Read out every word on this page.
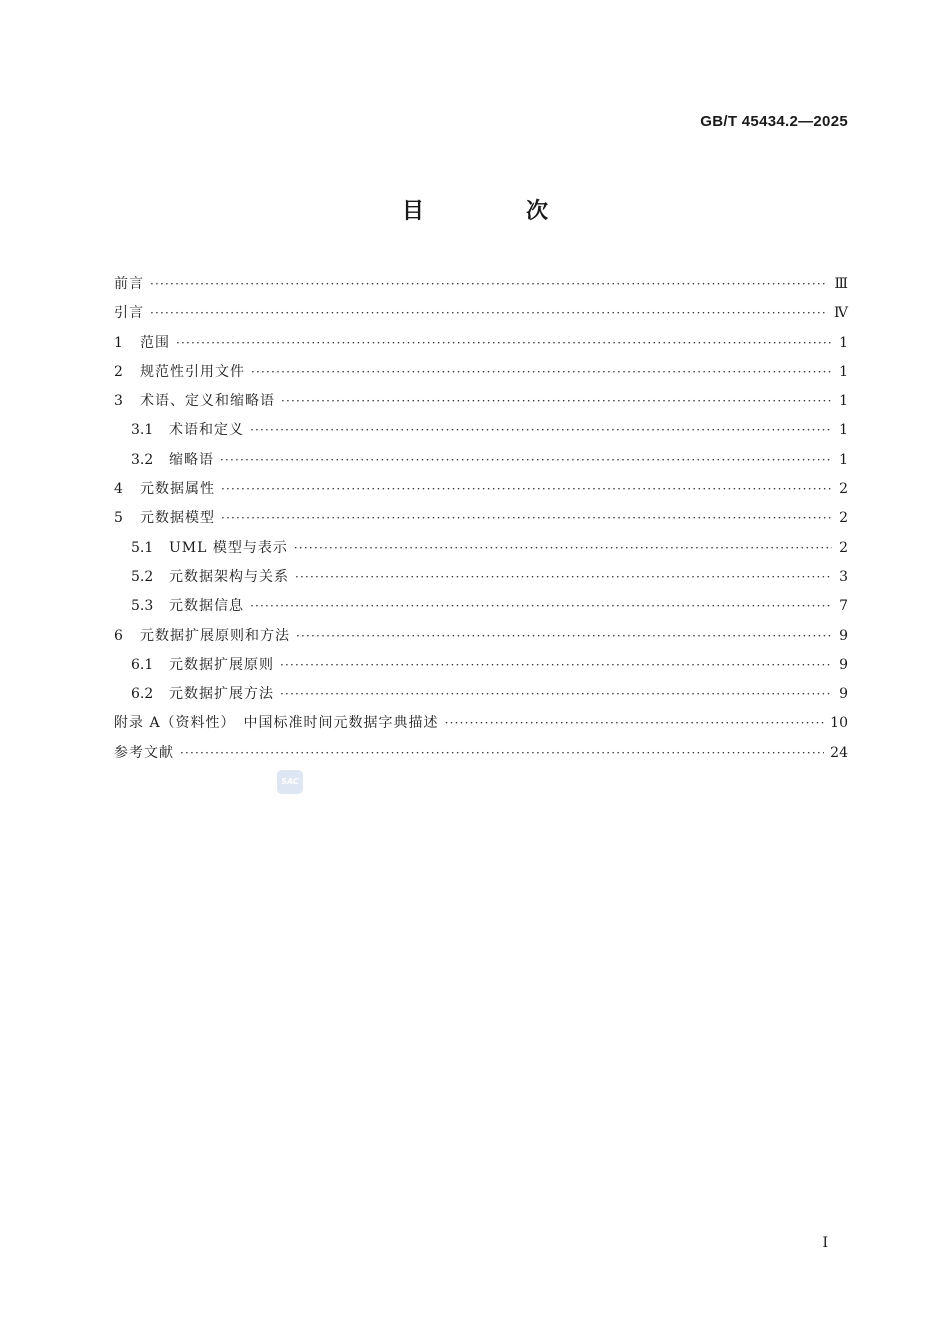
GB/T 45434.2—2025
目　次
前言 ·····	Ⅲ
引言 ·····	Ⅳ
1	范围 ·····	1
2	规范性引用文件 ·····	1
3	术语、定义和缩略语 ·····	1
3.1	术语和定义 ·····	1
3.2	缩略语 ·····	1
4	元数据属性 ·····	2
5	元数据模型 ·····	2
5.1	UML 模型与表示 ·····	2
5.2	元数据架构与关系 ·····	3
5.3	元数据信息 ·····	7
6	元数据扩展原则和方法 ·····	9
6.1	元数据扩展原则 ·····	9
6.2	元数据扩展方法 ·····	9
附录 A（资料性）　中国标准时间元数据字典描述 ·····	10
参考文献 ·····	24
SAC
I
